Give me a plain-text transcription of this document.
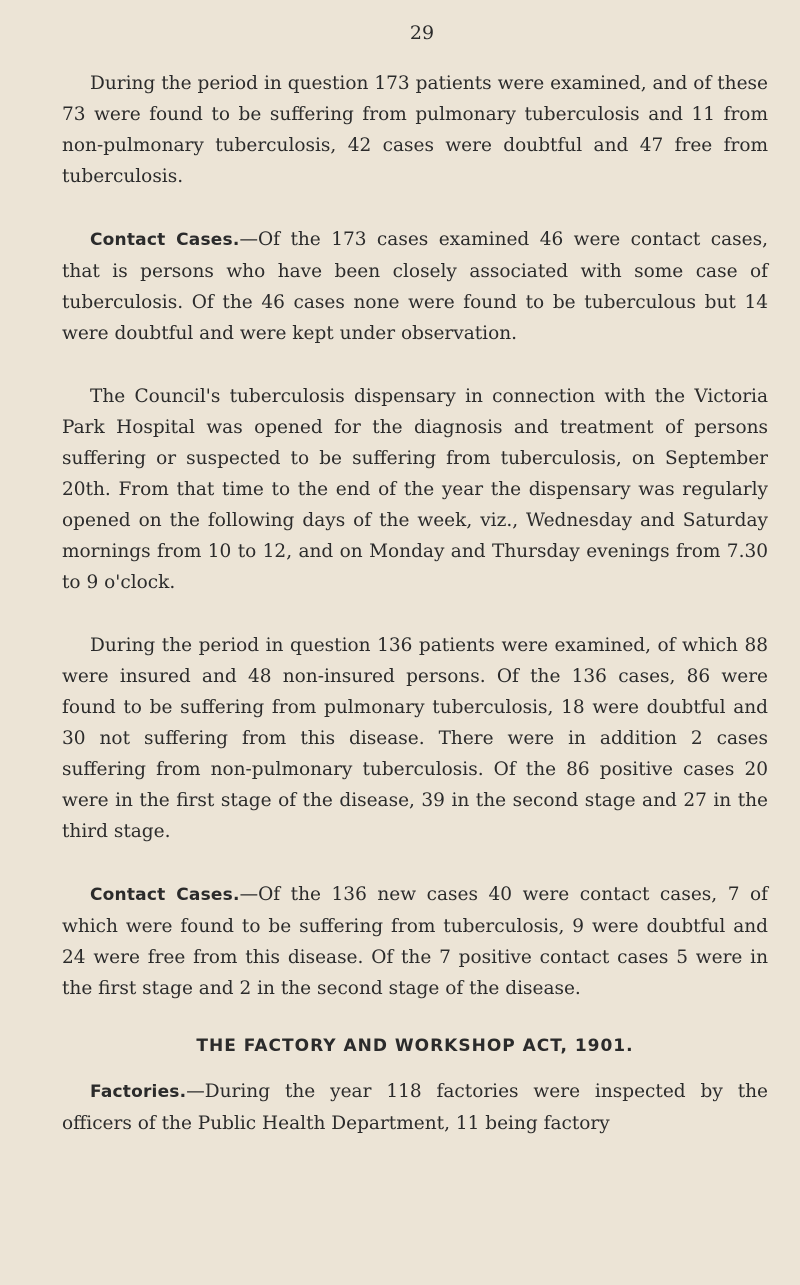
29

During the period in question 173 patients were examined, and of these 73 were found to be suffering from pulmonary tuberculosis and 11 from non-pulmonary tuberculosis, 42 cases were doubtful and 47 free from tuberculosis.

Contact Cases.—Of the 173 cases examined 46 were contact cases, that is persons who have been closely associated with some case of tuberculosis. Of the 46 cases none were found to be tuberculous but 14 were doubtful and were kept under observation.

The Council's tuberculosis dispensary in connection with the Victoria Park Hospital was opened for the diagnosis and treatment of persons suffering or suspected to be suffering from tuberculosis, on September 20th. From that time to the end of the year the dispensary was regularly opened on the following days of the week, viz., Wednesday and Saturday mornings from 10 to 12, and on Monday and Thursday evenings from 7.30 to 9 o'clock.

During the period in question 136 patients were examined, of which 88 were insured and 48 non-insured persons. Of the 136 cases, 86 were found to be suffering from pulmonary tuberculosis, 18 were doubtful and 30 not suffering from this disease. There were in addition 2 cases suffering from non-pulmonary tuberculosis. Of the 86 positive cases 20 were in the first stage of the disease, 39 in the second stage and 27 in the third stage.

Contact Cases.—Of the 136 new cases 40 were contact cases, 7 of which were found to be suffering from tuberculosis, 9 were doubtful and 24 were free from this disease. Of the 7 positive contact cases 5 were in the first stage and 2 in the second stage of the disease.

THE FACTORY AND WORKSHOP ACT, 1901.

Factories.—During the year 118 factories were inspected by the officers of the Public Health Department, 11 being factory
